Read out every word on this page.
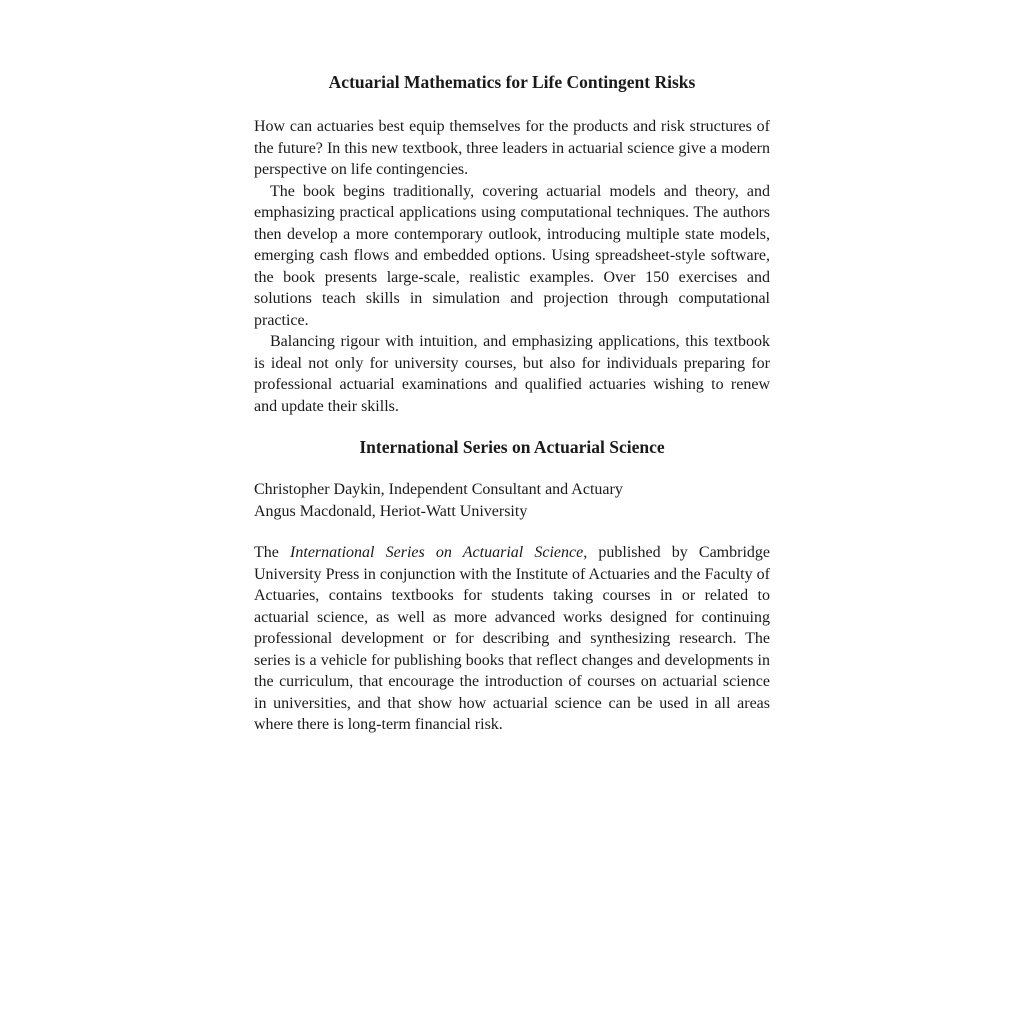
Actuarial Mathematics for Life Contingent Risks

How can actuaries best equip themselves for the products and risk structures of the future? In this new textbook, three leaders in actuarial science give a modern perspective on life contingencies.

The book begins traditionally, covering actuarial models and theory, and emphasizing practical applications using computational techniques. The authors then develop a more contemporary outlook, introducing multiple state models, emerging cash flows and embedded options. Using spreadsheet-style software, the book presents large-scale, realistic examples. Over 150 exercises and solutions teach skills in simulation and projection through computational practice.

Balancing rigour with intuition, and emphasizing applications, this textbook is ideal not only for university courses, but also for individuals preparing for professional actuarial examinations and qualified actuaries wishing to renew and update their skills.

International Series on Actuarial Science

Christopher Daykin, Independent Consultant and Actuary

Angus Macdonald, Heriot-Watt University

The International Series on Actuarial Science, published by Cambridge University Press in conjunction with the Institute of Actuaries and the Faculty of Actuaries, contains textbooks for students taking courses in or related to actuarial science, as well as more advanced works designed for continuing professional development or for describing and synthesizing research. The series is a vehicle for publishing books that reflect changes and developments in the curriculum, that encourage the introduction of courses on actuarial science in universities, and that show how actuarial science can be used in all areas where there is long-term financial risk.
